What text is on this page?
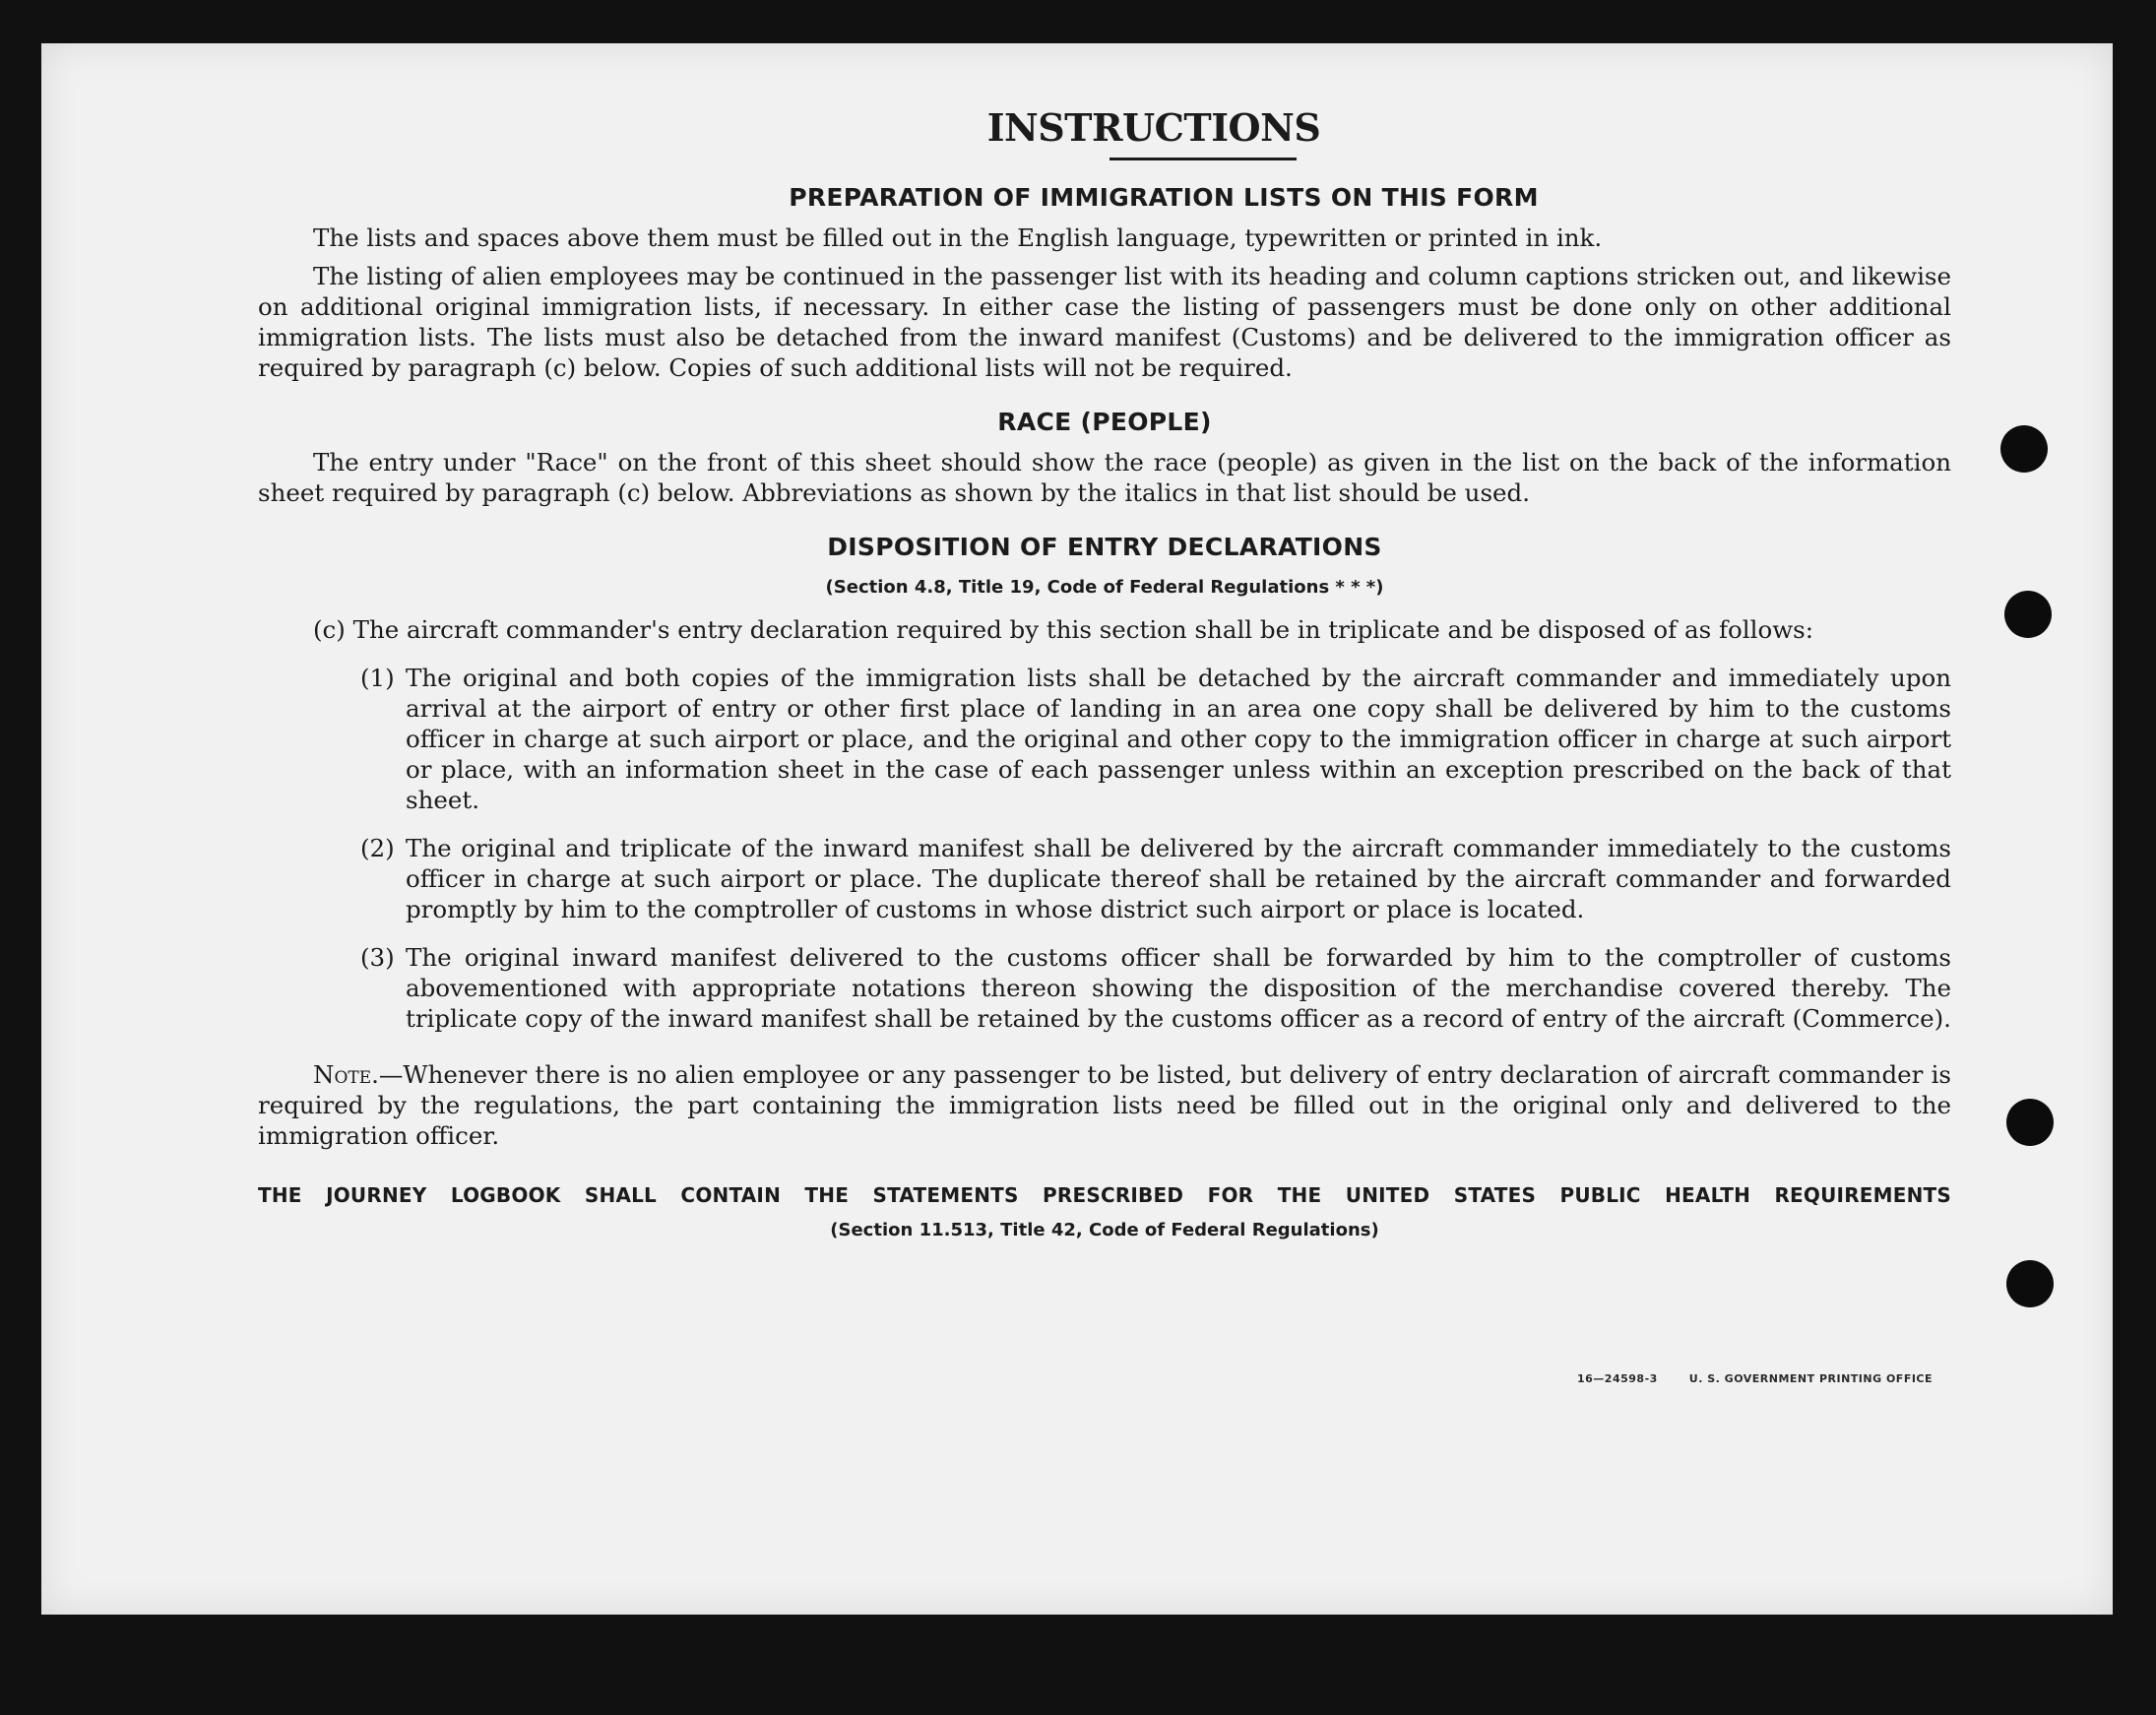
INSTRUCTIONS
PREPARATION OF IMMIGRATION LISTS ON THIS FORM

The lists and spaces above them must be filled out in the English language, typewritten or printed in ink.

The listing of alien employees may be continued in the passenger list with its heading and column captions stricken out, and likewise on additional original immigration lists, if necessary. In either case the listing of passengers must be done only on other additional immigration lists. The lists must also be detached from the inward manifest (Customs) and be delivered to the immigration officer as required by paragraph (c) below. Copies of such additional lists will not be required.

RACE (PEOPLE)

The entry under "Race" on the front of this sheet should show the race (people) as given in the list on the back of the information sheet required by paragraph (c) below. Abbreviations as shown by the italics in that list should be used.

DISPOSITION OF ENTRY DECLARATIONS
(Section 4.8, Title 19, Code of Federal Regulations * * *)

(c) The aircraft commander's entry declaration required by this section shall be in triplicate and be disposed of as follows:

(1) The original and both copies of the immigration lists shall be detached by the aircraft commander and immediately upon arrival at the airport of entry or other first place of landing in an area one copy shall be delivered by him to the customs officer in charge at such airport or place, and the original and other copy to the immigration officer in charge at such airport or place, with an information sheet in the case of each passenger unless within an exception prescribed on the back of that sheet.
(2) The original and triplicate of the inward manifest shall be delivered by the aircraft commander immediately to the customs officer in charge at such airport or place. The duplicate thereof shall be retained by the aircraft commander and forwarded promptly by him to the comptroller of customs in whose district such airport or place is located.
(3) The original inward manifest delivered to the customs officer shall be forwarded by him to the comptroller of customs abovementioned with appropriate notations thereon showing the disposition of the merchandise covered thereby. The triplicate copy of the inward manifest shall be retained by the customs officer as a record of entry of the aircraft (Commerce).

Note.—Whenever there is no alien employee or any passenger to be listed, but delivery of entry declaration of aircraft commander is required by the regulations, the part containing the immigration lists need be filled out in the original only and delivered to the immigration officer.

THE JOURNEY LOGBOOK SHALL CONTAIN THE STATEMENTS PRESCRIBED FOR THE UNITED STATES PUBLIC HEALTH REQUIREMENTS
(Section 11.513, Title 42, Code of Federal Regulations)
16—24598-3	U. S. GOVERNMENT PRINTING OFFICE
